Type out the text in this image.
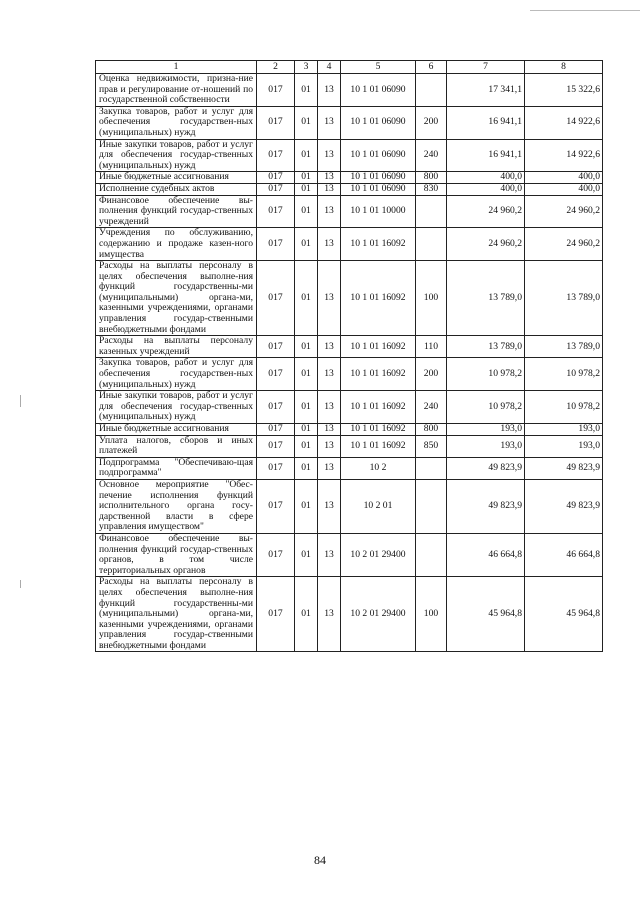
1	2	3	4	5	6	7	8
Оценка недвижимости, призна-ние прав и регулирование от-ношений по государственной собственности	017	01	13	10 1 01 06090		17 341,1	15 322,6
Закупка товаров, работ и услуг для обеспечения государствен-ных (муниципальных) нужд	017	01	13	10 1 01 06090	200	16 941,1	14 922,6
Иные закупки товаров, работ и услуг для обеспечения государ-ственных (муниципальных) нужд	017	01	13	10 1 01 06090	240	16 941,1	14 922,6
Иные бюджетные ассигнования	017	01	13	10 1 01 06090	800	400,0	400,0
Исполнение судебных актов	017	01	13	10 1 01 06090	830	400,0	400,0
Финансовое обеспечение вы-полнения функций государ-ственных учреждений	017	01	13	10 1 01 10000		24 960,2	24 960,2
Учреждения по обслуживанию, содержанию и продаже казен-ного имущества	017	01	13	10 1 01 16092		24 960,2	24 960,2
Расходы на выплаты персоналу в целях обеспечения выполне-ния функций государственны-ми (муниципальными) органа-ми, казенными учреждениями, органами управления государ-ственными внебюджетными фондами	017	01	13	10 1 01 16092	100	13 789,0	13 789,0
Расходы на выплаты персоналу казенных учреждений	017	01	13	10 1 01 16092	110	13 789,0	13 789,0
Закупка товаров, работ и услуг для обеспечения государствен-ных (муниципальных) нужд	017	01	13	10 1 01 16092	200	10 978,2	10 978,2
Иные закупки товаров, работ и услуг для обеспечения государ-ственных (муниципальных) нужд	017	01	13	10 1 01 16092	240	10 978,2	10 978,2
Иные бюджетные ассигнования	017	01	13	10 1 01 16092	800	193,0	193,0
Уплата налогов, сборов и иных платежей	017	01	13	10 1 01 16092	850	193,0	193,0
Подпрограмма "Обеспечиваю-щая подпрограмма"	017	01	13	10 2		49 823,9	49 823,9
Основное мероприятие "Обес-печение исполнения функций исполнительного органа госу-дарственной власти в сфере управления имуществом"	017	01	13	10 2 01		49 823,9	49 823,9
Финансовое обеспечение вы-полнения функций государ-ственных органов, в том числе территориальных органов	017	01	13	10 2 01 29400		46 664,8	46 664,8
Расходы на выплаты персоналу в целях обеспечения выполне-ния функций государственны-ми (муниципальными) органа-ми, казенными учреждениями, органами управления государ-ственными внебюджетными фондами	017	01	13	10 2 01 29400	100	45 964,8	45 964,8
84
